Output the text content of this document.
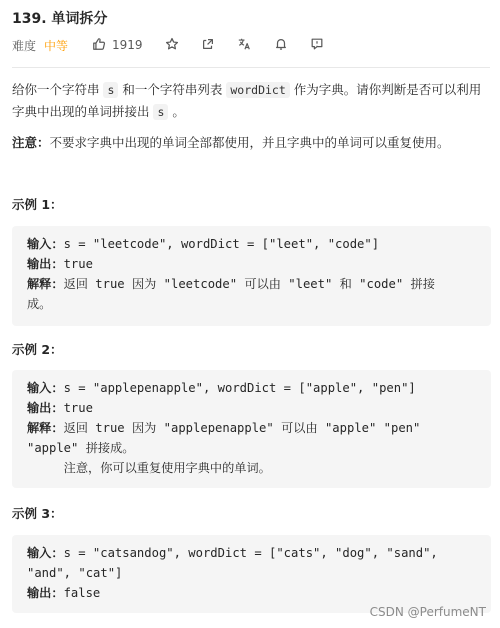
139. 单词拆分
难度 中等	1919
给你一个字符串 s 和一个字符串列表 wordDict 作为字典。请你判断是否可以利用字典中出现的单词拼接出 s 。
注意：不要求字典中出现的单词全部都使用，并且字典中的单词可以重复使用。
示例 1：
输入：s = "leetcode", wordDict = ["leet", "code"]
输出：true
解释：返回 true 因为 "leetcode" 可以由 "leet" 和 "code" 拼接
成。
示例 2：
输入：s = "applepenapple", wordDict = ["apple", "pen"]
输出：true
解释：返回 true 因为 "applepenapple" 可以由 "apple" "pen"
"apple" 拼接成。
注意，你可以重复使用字典中的单词。
示例 3：
输入：s = "catsandog", wordDict = ["cats", "dog", "sand",
"and", "cat"]
输出：false
CSDN @PerfumeNT
